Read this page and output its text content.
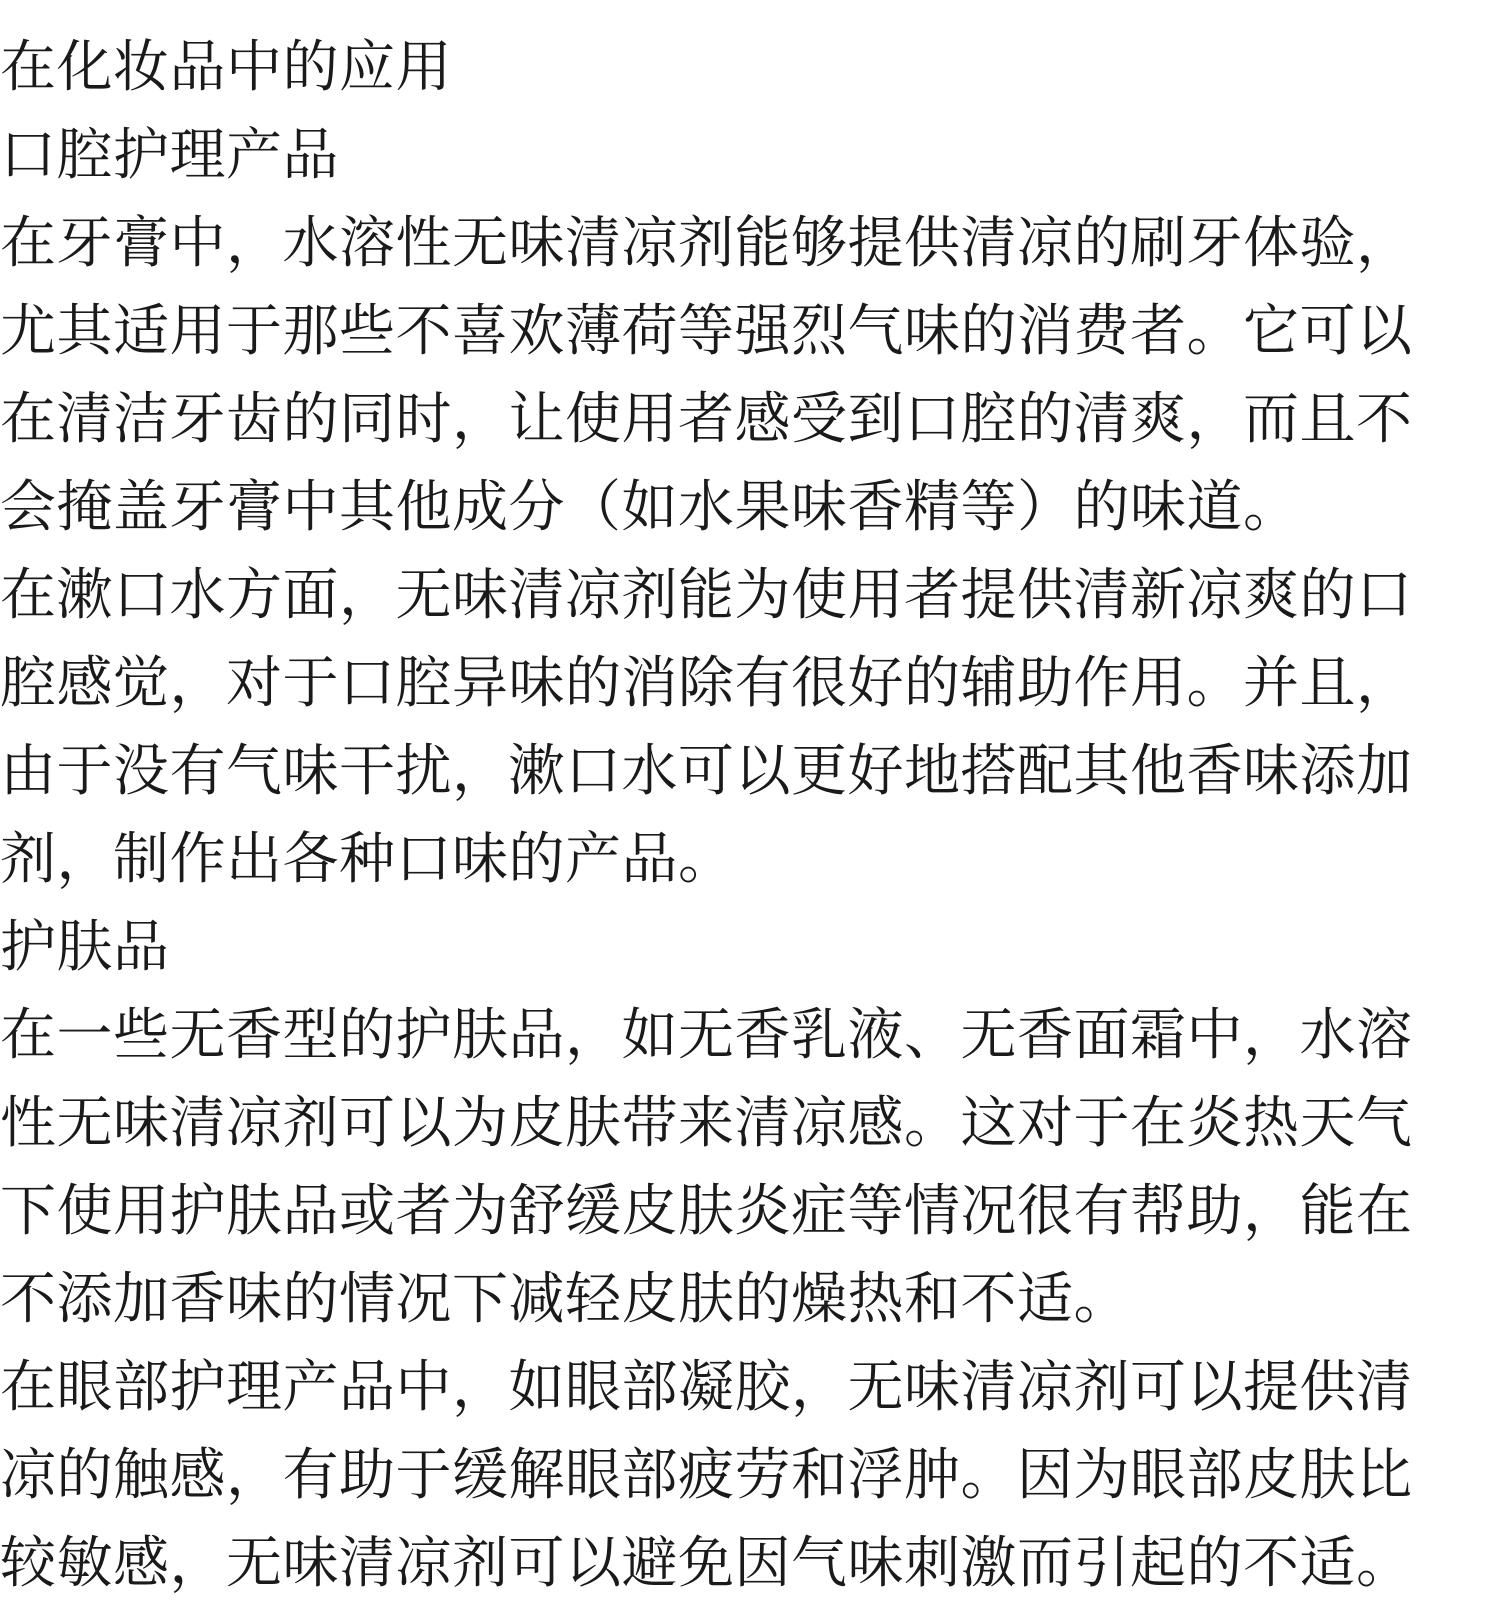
在化妆品中的应用
口腔护理产品
在牙膏中，水溶性无味清凉剂能够提供清凉的刷牙体验，
尤其适用于那些不喜欢薄荷等强烈气味的消费者。它可以
在清洁牙齿的同时，让使用者感受到口腔的清爽，而且不
会掩盖牙膏中其他成分（如水果味香精等）的味道。
在漱口水方面，无味清凉剂能为使用者提供清新凉爽的口
腔感觉，对于口腔异味的消除有很好的辅助作用。并且，
由于没有气味干扰，漱口水可以更好地搭配其他香味添加
剂，制作出各种口味的产品。
护肤品
在一些无香型的护肤品，如无香乳液、无香面霜中，水溶
性无味清凉剂可以为皮肤带来清凉感。这对于在炎热天气
下使用护肤品或者为舒缓皮肤炎症等情况很有帮助，能在
不添加香味的情况下减轻皮肤的燥热和不适。
在眼部护理产品中，如眼部凝胶，无味清凉剂可以提供清
凉的触感，有助于缓解眼部疲劳和浮肿。因为眼部皮肤比
较敏感，无味清凉剂可以避免因气味刺激而引起的不适。
